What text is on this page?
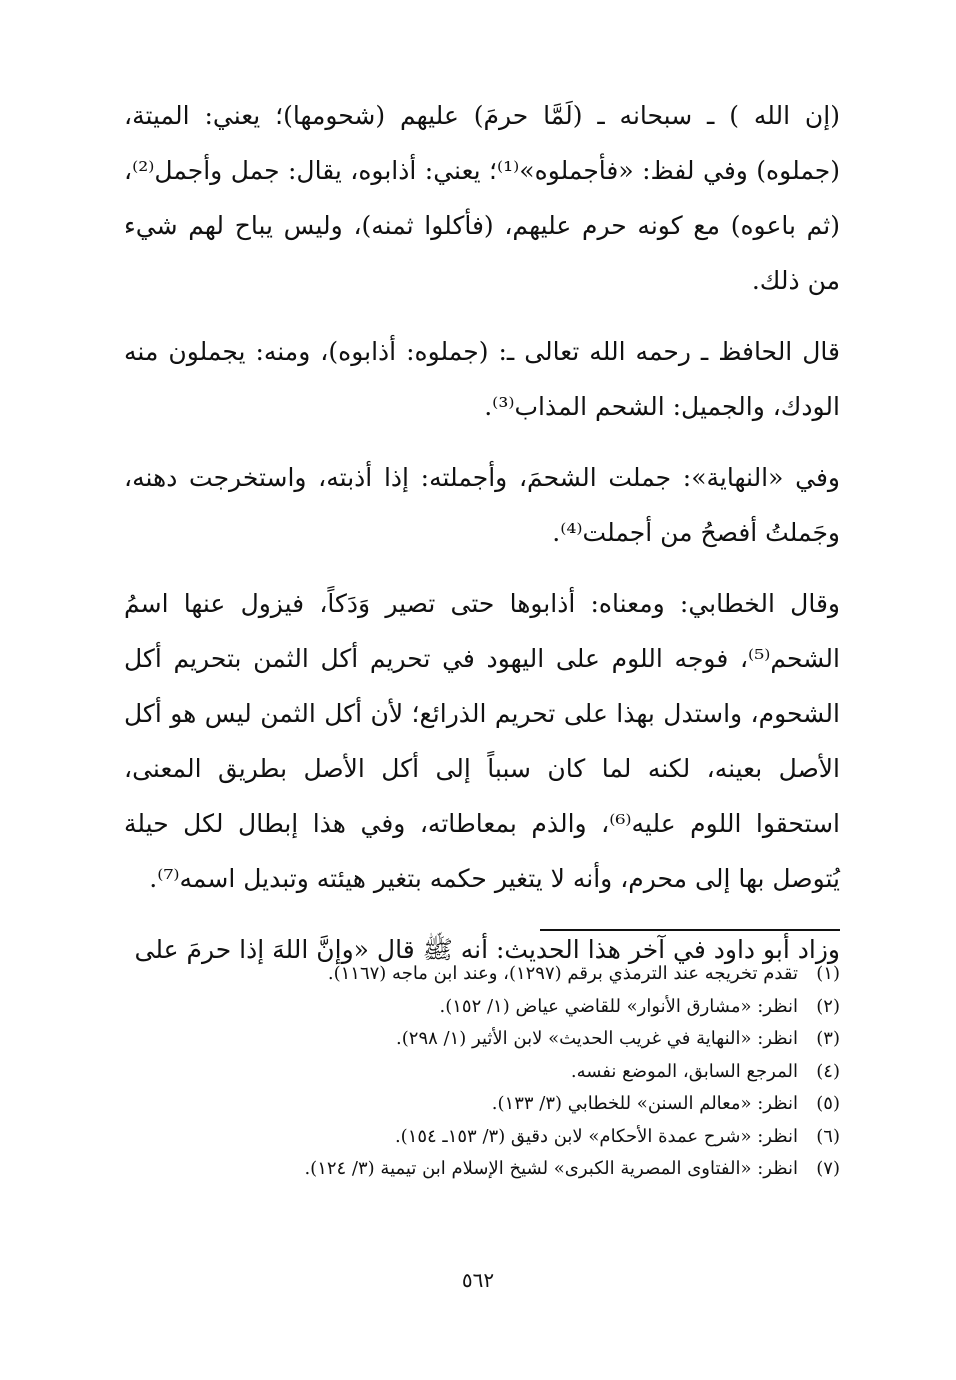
(إن الله ) ـ سبحانه ـ (لَمَّا حرمَ) عليهم (شحومها)؛ يعني: الميتة، (جملوه) وفي لفظ: «فأجملوه»⁽¹⁾؛ يعني: أذابوه، يقال: جمل وأجمل⁽²⁾، (ثم باعوه) مع كونه حرم عليهم، (فأكلوا ثمنه)، وليس يباح لهم شيء من ذلك.

قال الحافظ ـ رحمه الله تعالى ـ: (جملوه: أذابوه)، ومنه: يجملون منه الودك، والجميل: الشحم المذاب⁽³⁾.

وفي «النهاية»: جملت الشحمَ، وأجملته: إذا أذبته، واستخرجت دهنه، وجَملتُ أفصحُ من أجملت⁽⁴⁾.

وقال الخطابي: ومعناه: أذابوها حتى تصير وَدَكاً، فيزول عنها اسمُ الشحم⁽⁵⁾، فوجه اللوم على اليهود في تحريم أكل الثمن بتحريم أكل الشحوم، واستدل بهذا على تحريم الذرائع؛ لأن أكل الثمن ليس هو أكل الأصل بعينه، لكنه لما كان سبباً إلى أكل الأصل بطريق المعنى، استحقوا اللوم عليه⁽⁶⁾، والذم بمعاطاته، وفي هذا إبطال لكل حيلة يُتوصل بها إلى محرم، وأنه لا يتغير حكمه بتغير هيئته وتبديل اسمه⁽⁷⁾.

وزاد أبو داود في آخر هذا الحديث: أنه ﷺ قال «وإنَّ اللهَ إذا حرمَ على

(١)
تقدم تخريجه عند الترمذي برقم (١٢٩٧)، وعند ابن ماجه (١١٦٧).
(٢)
انظر: «مشارق الأنوار» للقاضي عياض (١/ ١٥٢).
(٣)
انظر: «النهاية في غريب الحديث» لابن الأثير (١/ ٢٩٨).
(٤)
المرجع السابق، الموضع نفسه.
(٥)
انظر: «معالم السنن» للخطابي (٣/ ١٣٣).
(٦)
انظر: «شرح عمدة الأحكام» لابن دقيق (٣/ ١٥٣ـ ١٥٤).
(٧)
انظر: «الفتاوى المصرية الكبرى» لشيخ الإسلام ابن تيمية (٣/ ١٢٤).
٥٦٢
